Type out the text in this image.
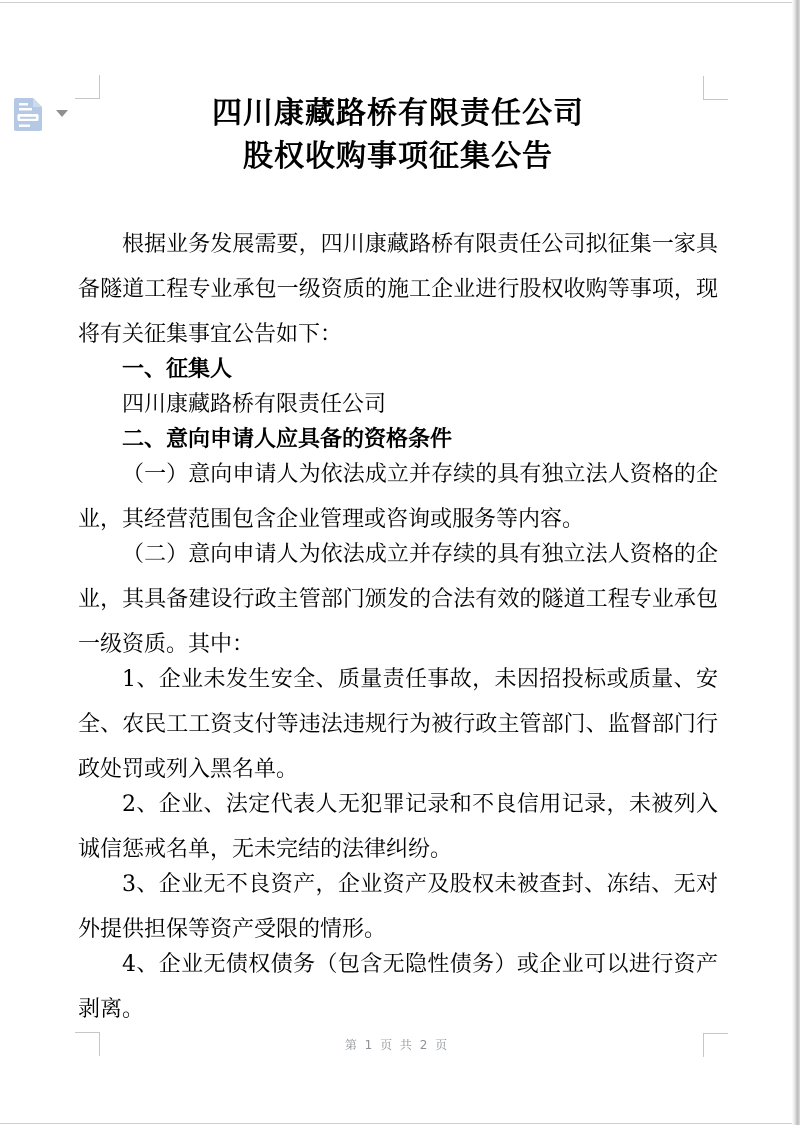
四川康藏路桥有限责任公司
股权收购事项征集公告

根据业务发展需要，四川康藏路桥有限责任公司拟征集一家具备隧道工程专业承包一级资质的施工企业进行股权收购等事项，现将有关征集事宜公告如下：

一、征集人

四川康藏路桥有限责任公司

二、意向申请人应具备的资格条件

（一）意向申请人为依法成立并存续的具有独立法人资格的企业，其经营范围包含企业管理或咨询或服务等内容。

（二）意向申请人为依法成立并存续的具有独立法人资格的企业，其具备建设行政主管部门颁发的合法有效的隧道工程专业承包一级资质。其中：

1、企业未发生安全、质量责任事故，未因招投标或质量、安全、农民工工资支付等违法违规行为被行政主管部门、监督部门行政处罚或列入黑名单。

2、企业、法定代表人无犯罪记录和不良信用记录，未被列入诚信惩戒名单，无未完结的法律纠纷。

3、企业无不良资产，企业资产及股权未被查封、冻结、无对外提供担保等资产受限的情形。

4、企业无债权债务（包含无隐性债务）或企业可以进行资产剥离。

第 1 页 共 2 页
